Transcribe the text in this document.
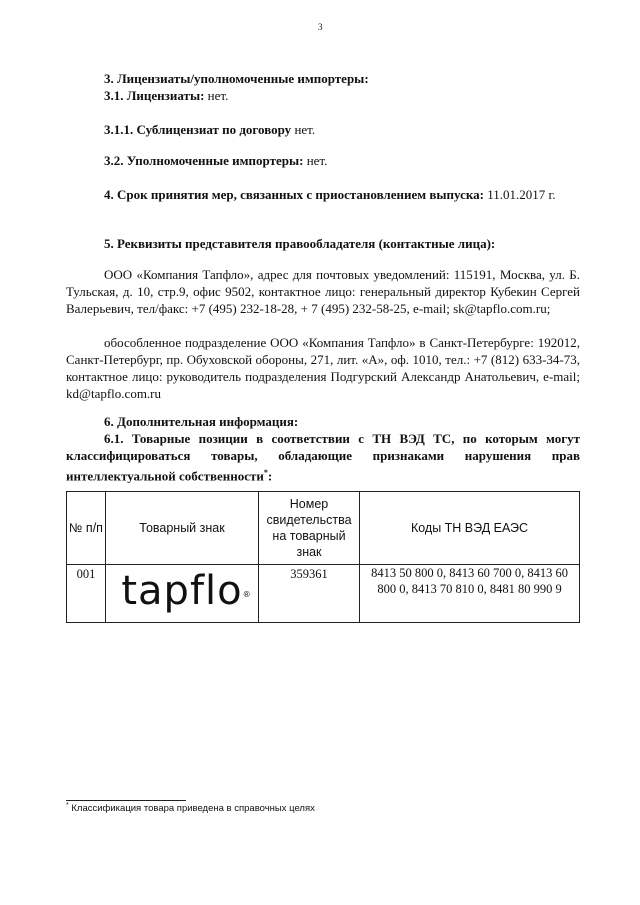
3
3. Лицензиаты/уполномоченные импортеры:
3.1. Лицензиаты: нет.
3.1.1. Сублицензиат по договору нет.
3.2. Уполномоченные импортеры: нет.
4. Срок принятия мер, связанных с приостановлением выпуска: 11.01.2017 г.
5. Реквизиты представителя правообладателя (контактные лица):
ООО «Компания Тапфло», адрес для почтовых уведомлений: 115191, Москва, ул. Б. Тульская, д. 10, стр.9, офис 9502, контактное лицо: генеральный директор Кубекин Сергей Валерьевич, тел/факс: +7 (495) 232-18-28, + 7 (495) 232-58-25, e-mail; sk@tapflo.com.ru;
обособленное подразделение ООО «Компания Тапфло» в Санкт-Петербурге: 192012, Санкт-Петербург, пр. Обуховской обороны, 271, лит. «А», оф. 1010, тел.: +7 (812) 633-34-73, контактное лицо: руководитель подразделения Подгурский Александр Анатольевич, e-mail; kd@tapflo.com.ru
6. Дополнительная информация:
6.1. Товарные позиции в соответствии с ТН ВЭД ТС, по которым могут классифицироваться товары, обладающие признаками нарушения прав интеллектуальной собственности*:
№ п/п	Товарный знак	Номер свидетельства на товарный знак	Коды ТН ВЭД ЕАЭС
001	tapflo ®	359361	8413 50 800 0, 8413 60 700 0, 8413 60 800 0, 8413 70 810 0, 8481 80 990 9
* Классификация товара приведена в справочных целях
